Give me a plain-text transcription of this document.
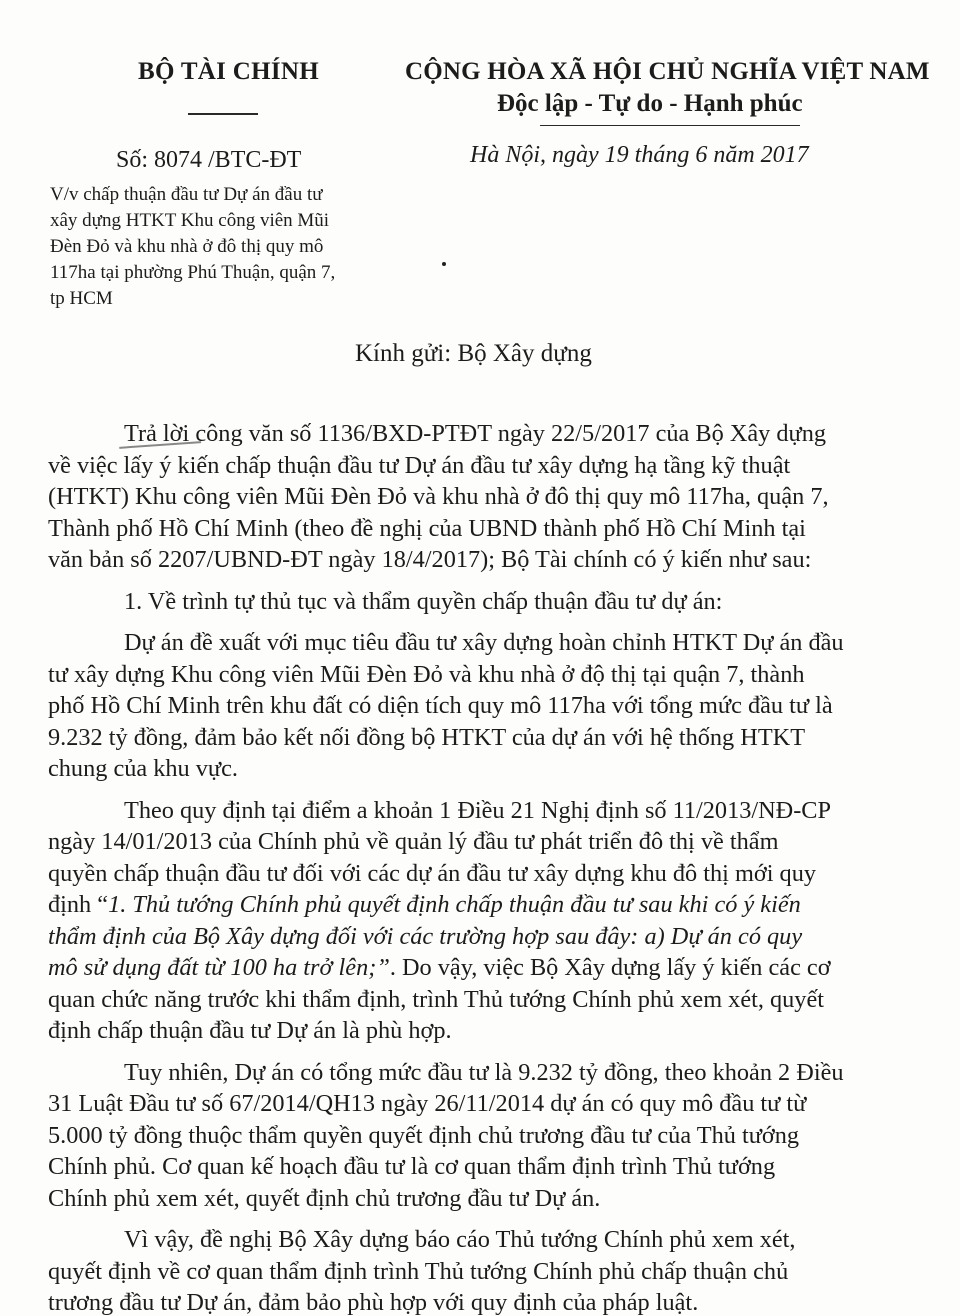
BỘ TÀI CHÍNH	CỘNG HÒA XÃ HỘI CHỦ NGHĨA VIỆT NAM
Độc lập - Tự do - Hạnh phúc
Số: 8074 /BTC-ĐT	Hà Nội, ngày 19 tháng 6 năm 2017
V/v chấp thuận đầu tư Dự án đầu tư
xây dựng HTKT Khu công viên Mũi
Đèn Đỏ và khu nhà ở đô thị quy mô
117ha tại phường Phú Thuận, quận 7,
tp HCM
Kính gửi: Bộ Xây dựng
Trả lời công văn số 1136/BXD-PTĐT ngày 22/5/2017 của Bộ Xây dựng
về việc lấy ý kiến chấp thuận đầu tư Dự án đầu tư xây dựng hạ tầng kỹ thuật
(HTKT) Khu công viên Mũi Đèn Đỏ và khu nhà ở đô thị quy mô 117ha, quận 7,
Thành phố Hồ Chí Minh (theo đề nghị của UBND thành phố Hồ Chí Minh tại
văn bản số 2207/UBND-ĐT ngày 18/4/2017); Bộ Tài chính có ý kiến như sau:
1. Về trình tự thủ tục và thẩm quyền chấp thuận đầu tư dự án:
Dự án đề xuất với mục tiêu đầu tư xây dựng hoàn chỉnh HTKT Dự án đầu
tư xây dựng Khu công viên Mũi Đèn Đỏ và khu nhà ở độ thị tại quận 7, thành
phố Hồ Chí Minh trên khu đất có diện tích quy mô 117ha với tổng mức đầu tư là
9.232 tỷ đồng, đảm bảo kết nối đồng bộ HTKT của dự án với hệ thống HTKT
chung của khu vực.
Theo quy định tại điểm a khoản 1 Điều 21 Nghị định số 11/2013/NĐ-CP
ngày 14/01/2013 của Chính phủ về quản lý đầu tư phát triển đô thị về thẩm
quyền chấp thuận đầu tư đối với các dự án đầu tư xây dựng khu đô thị mới quy
định “1. Thủ tướng Chính phủ quyết định chấp thuận đầu tư sau khi có ý kiến
thẩm định của Bộ Xây dựng đối với các trường hợp sau đây: a) Dự án có quy
mô sử dụng đất từ 100 ha trở lên;”. Do vậy, việc Bộ Xây dựng lấy ý kiến các cơ
quan chức năng trước khi thẩm định, trình Thủ tướng Chính phủ xem xét, quyết
định chấp thuận đầu tư Dự án là phù hợp.
Tuy nhiên, Dự án có tổng mức đầu tư là 9.232 tỷ đồng, theo khoản 2 Điều
31 Luật Đầu tư số 67/2014/QH13 ngày 26/11/2014 dự án có quy mô đầu tư từ
5.000 tỷ đồng thuộc thẩm quyền quyết định chủ trương đầu tư của Thủ tướng
Chính phủ. Cơ quan kế hoạch đầu tư là cơ quan thẩm định trình Thủ tướng
Chính phủ xem xét, quyết định chủ trương đầu tư Dự án.
Vì vậy, đề nghị Bộ Xây dựng báo cáo Thủ tướng Chính phủ xem xét,
quyết định về cơ quan thẩm định trình Thủ tướng Chính phủ chấp thuận chủ
trương đầu tư Dự án, đảm bảo phù hợp với quy định của pháp luật.
